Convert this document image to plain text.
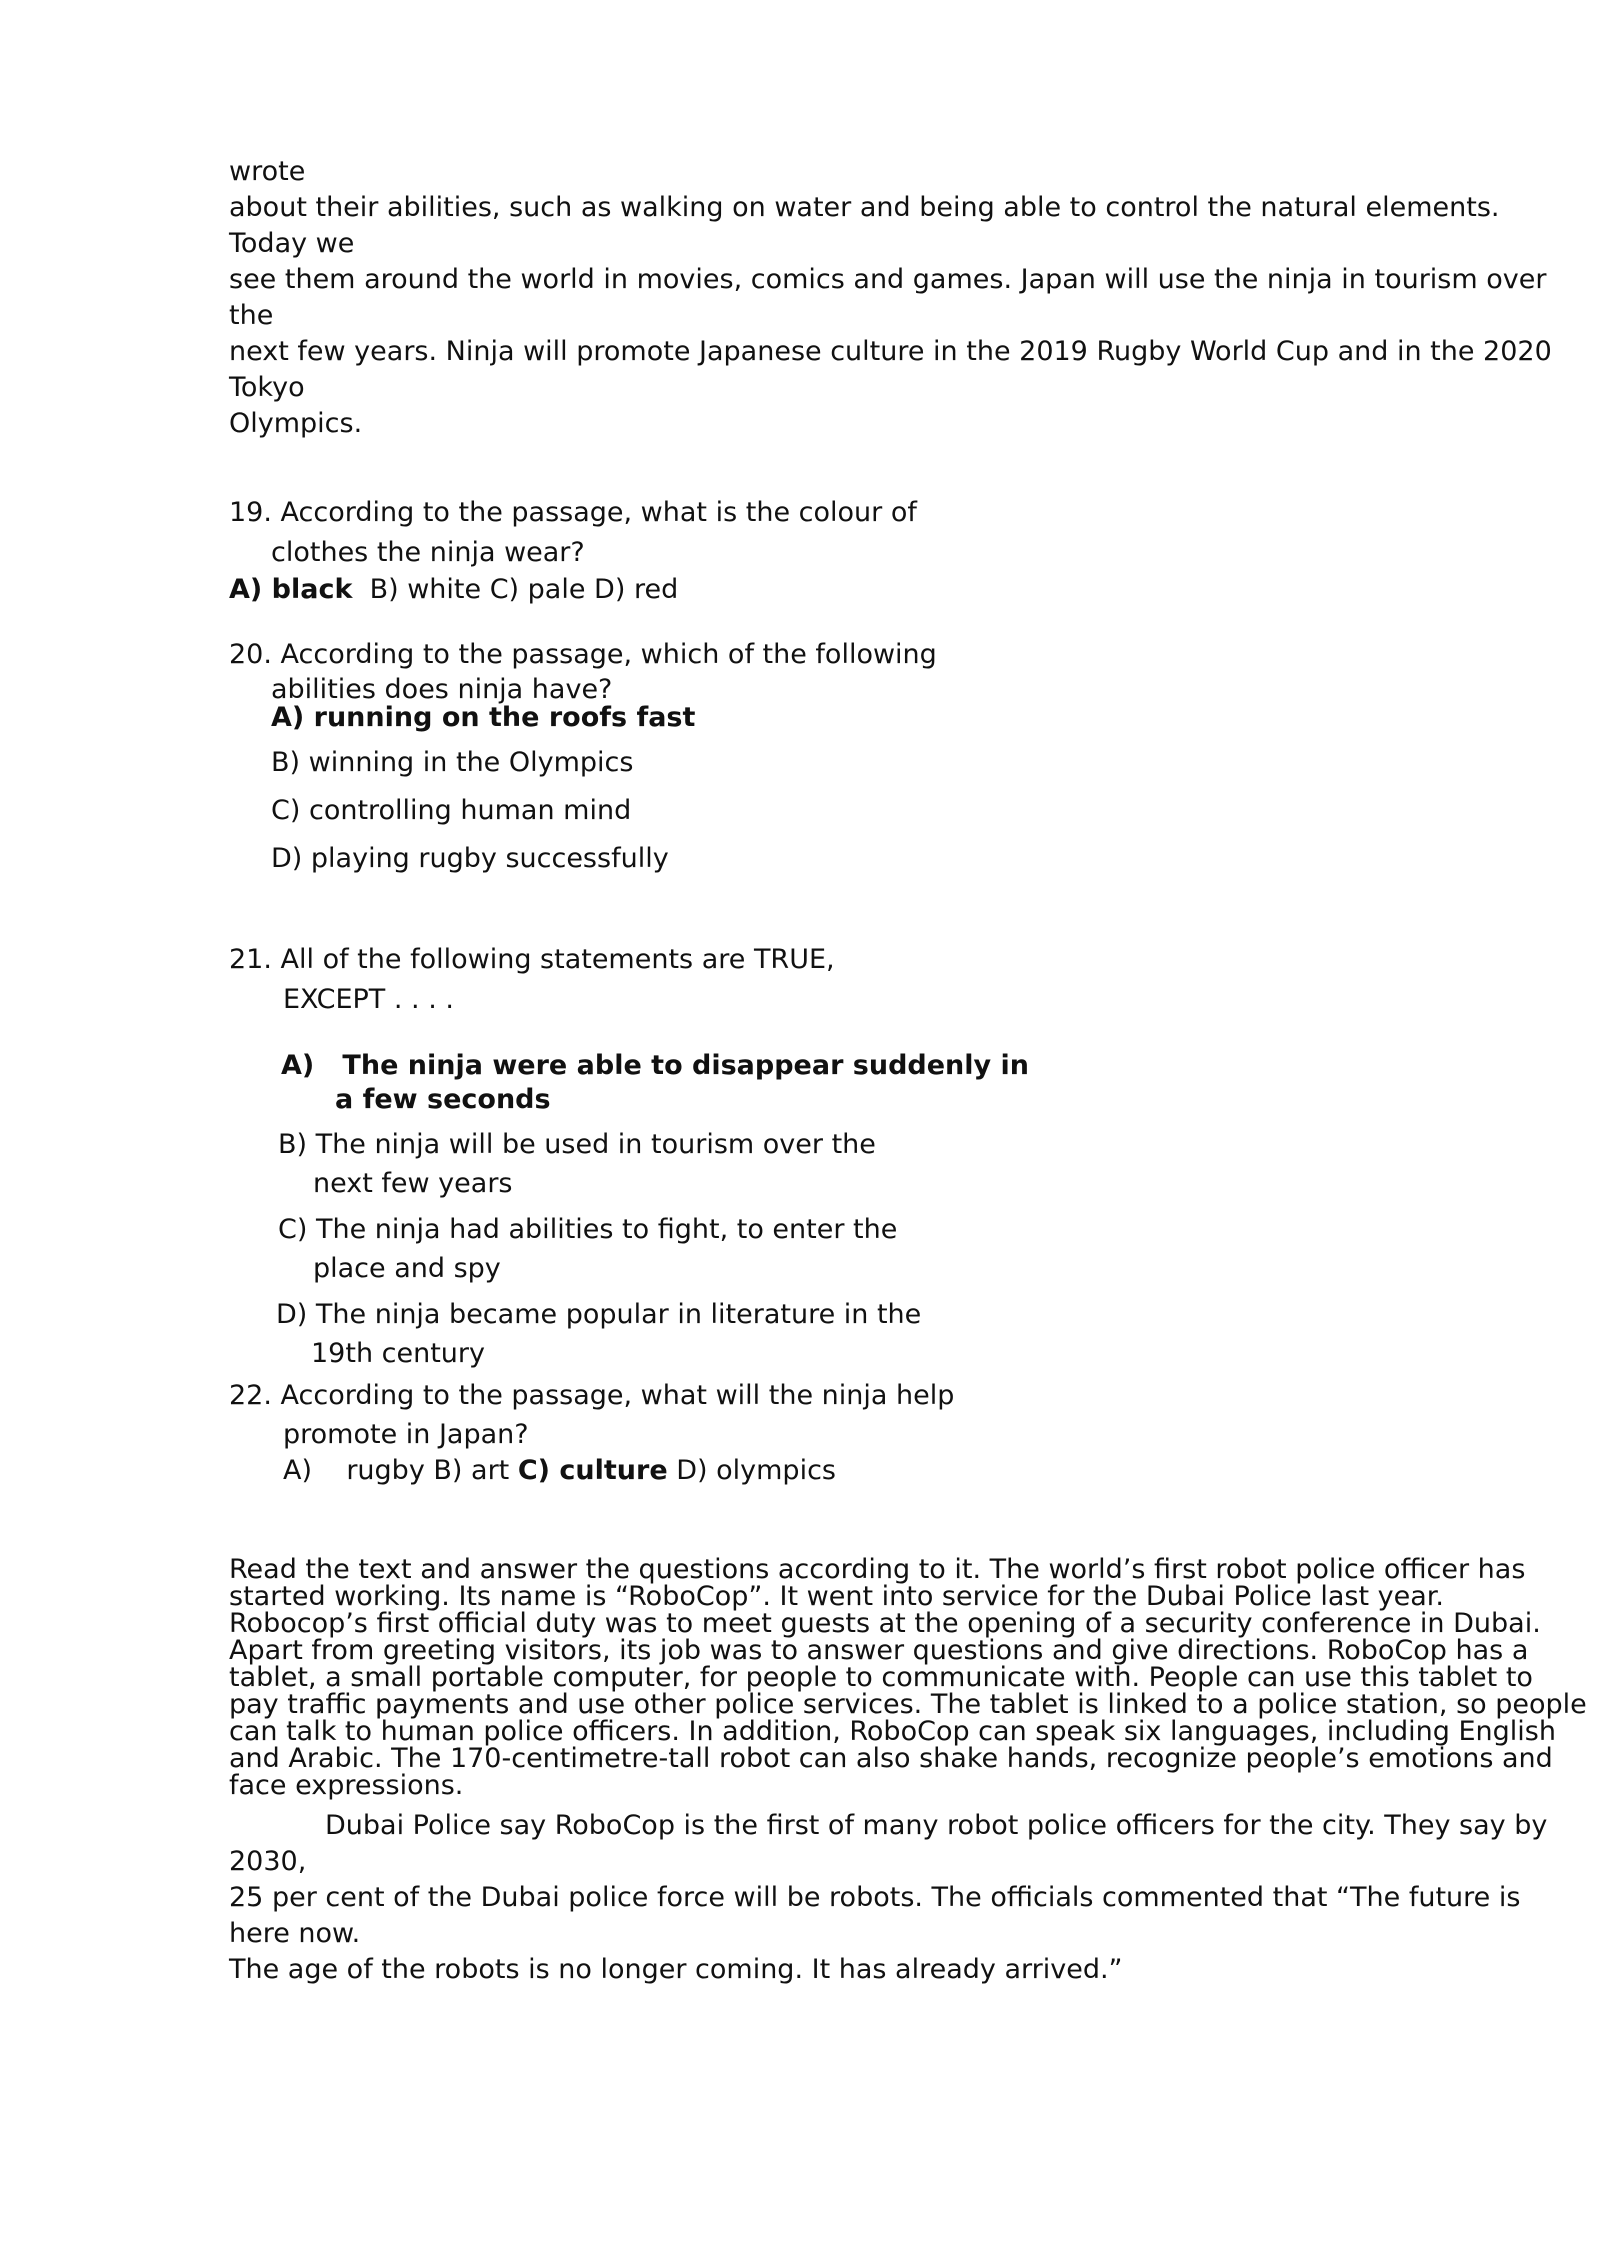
wrote

about their abilities, such as walking on water and being able to control the natural elements.

Today we

see them around the world in movies, comics and games. Japan will use the ninja in tourism over

the

next few years. Ninja will promote Japanese culture in the 2019 Rugby World Cup and in the 2020

Tokyo

Olympics.

19. According to the passage, what is the colour of

clothes the ninja wear?

A) black B) white C) pale D) red

20. According to the passage, which of the following

abilities does ninja have?

A) running on the roofs fast

B) winning in the Olympics

C) controlling human mind

D) playing rugby successfully

21. All of the following statements are TRUE,

EXCEPT . . . .

A)   The ninja were able to disappear suddenly in

a few seconds

B) The ninja will be used in tourism over the

next few years

C) The ninja had abilities to fight, to enter the

place and spy

D) The ninja became popular in literature in the

19th century

22. According to the passage, what will the ninja help

promote in Japan?

A)    rugby B) art C) culture D) olympics

Read the text and answer the questions according to it. The world’s first robot police officer has

started working. Its name is “RoboCop”. It went into service for the Dubai Police last year.

Robocop’s first official duty was to meet guests at the opening of a security conference in Dubai.

Apart from greeting visitors, its job was to answer questions and give directions. RoboCop has a

tablet, a small portable computer, for people to communicate with. People can use this tablet to

pay traffic payments and use other police services. The tablet is linked to a police station, so people

can talk to human police officers. In addition, RoboCop can speak six languages, including English

and Arabic. The 170-centimetre-tall robot can also shake hands, recognize people’s emotions and

face expressions.

Dubai Police say RoboCop is the first of many robot police officers for the city. They say by

2030,

25 per cent of the Dubai police force will be robots. The officials commented that “The future is

here now.

The age of the robots is no longer coming. It has already arrived.”
